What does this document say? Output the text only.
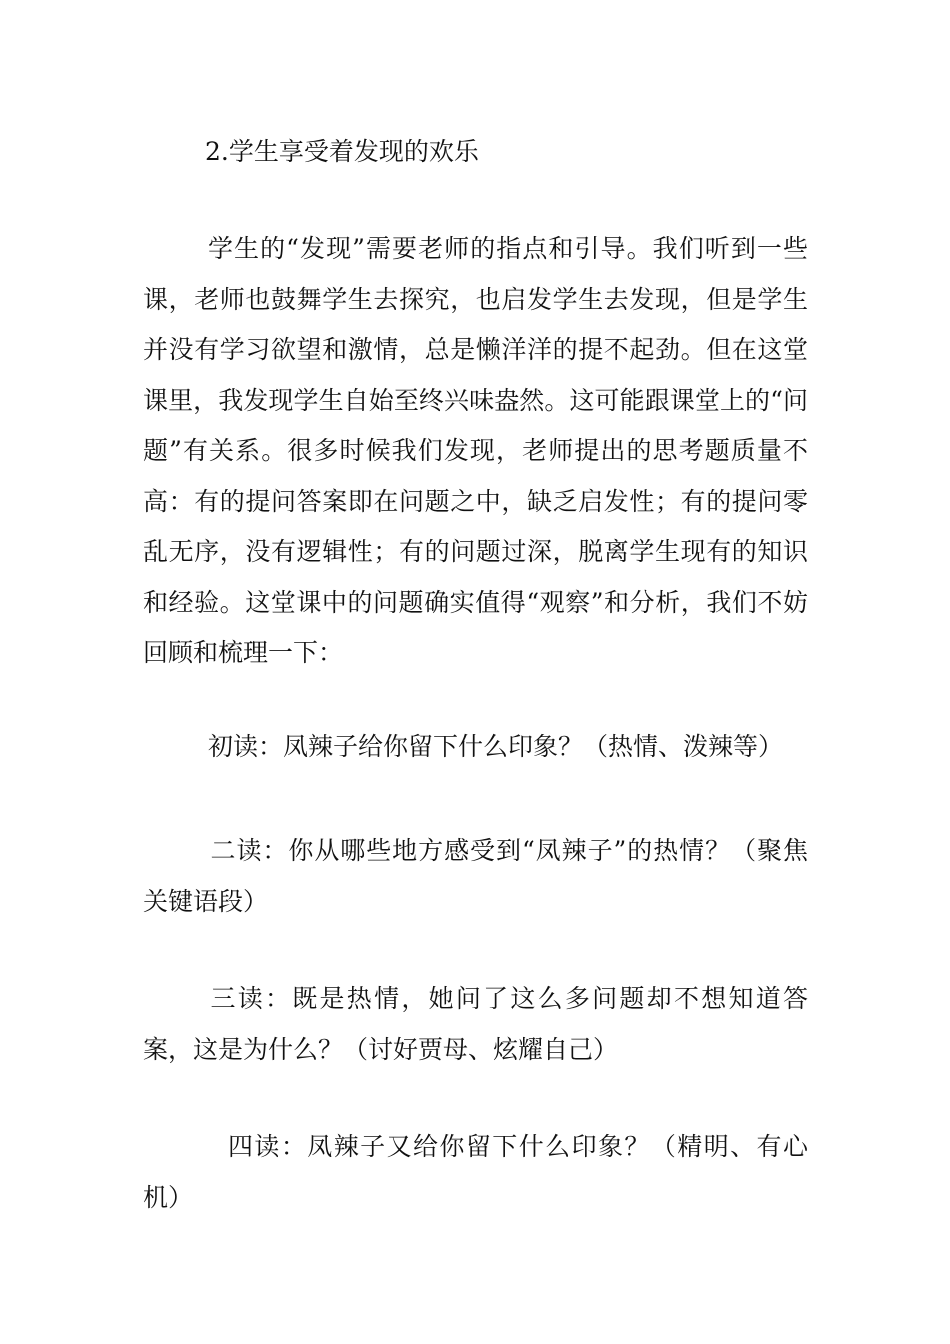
2.学生享受着发现的欢乐

学生的“发现”需要老师的指点和引导。我们听到一些课，老师也鼓舞学生去探究，也启发学生去发现，但是学生并没有学习欲望和激情，总是懒洋洋的提不起劲。但在这堂课里，我发现学生自始至终兴味盎然。这可能跟课堂上的“问题”有关系。很多时候我们发现，老师提出的思考题质量不高：有的提问答案即在问题之中，缺乏启发性；有的提问零乱无序，没有逻辑性；有的问题过深，脱离学生现有的知识和经验。这堂课中的问题确实值得“观察”和分析，我们不妨回顾和梳理一下：

初读：凤辣子给你留下什么印象？（热情、泼辣等）

二读：你从哪些地方感受到“凤辣子”的热情？（聚焦关键语段）

三读：既是热情，她问了这么多问题却不想知道答案，这是为什么？（讨好贾母、炫耀自己）

四读：凤辣子又给你留下什么印象？（精明、有心机）
